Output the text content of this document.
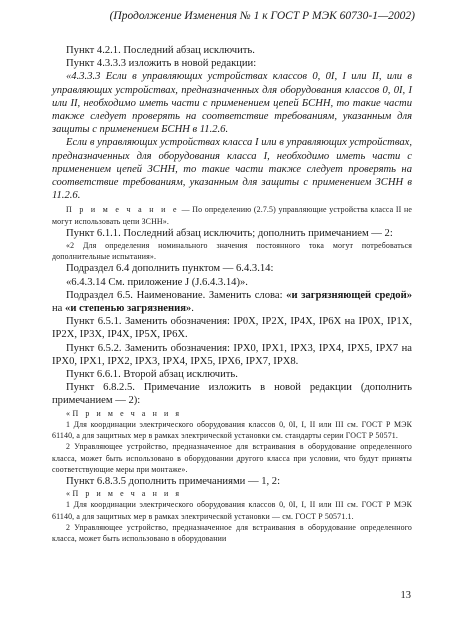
(Продолжение Изменения № 1 к ГОСТ Р МЭК 60730-1—2002)

Пункт 4.2.1. Последний абзац исключить.

Пункт 4.3.3.3 изложить в новой редакции:

«4.3.3.3 Если в управляющих устройствах классов 0, 0I, I или II, или в управляющих устройствах, предназначенных для оборудования классов 0, 0I, I или II, необходимо иметь части с применением цепей БСНН, то такие части также следует проверять на соответствие требованиям, указанным для защиты с применением БСНН в 11.2.6.

Если в управляющих устройствах класса I или в управляющих устройствах, предназначенных для оборудования класса I, необходимо иметь части с применением цепей ЗСНН, то такие части также следует проверять на соответствие требованиям, указанным для защиты с применением ЗСНН в 11.2.6.

П р и м е ч а н и е — По определению (2.7.5) управляющие устройства класса II не могут использовать цепи ЗСНН».

Пункт 6.1.1. Последний абзац исключить; дополнить примечанием — 2:

«2 Для определения номинального значения постоянного тока могут потребоваться дополнительные испытания».

Подраздел 6.4 дополнить пунктом — 6.4.3.14:

«6.4.3.14 См. приложение J (J.6.4.3.14)».

Подраздел 6.5. Наименование. Заменить слова: «и загрязняющей средой» на «и степенью загрязнения».

Пункт 6.5.1. Заменить обозначения: IP0X, IP2X, IP4X, IP6X на IP0X, IP1X, IP2X, IP3X, IP4X, IP5X, IP6X.

Пункт 6.5.2. Заменить обозначения: IPX0, IPX1, IPX3, IPX4, IPX5, IPX7 на IPX0, IPX1, IPX2, IPX3, IPX4, IPX5, IPX6, IPX7, IPX8.

Пункт 6.6.1. Второй абзац исключить.

Пункт 6.8.2.5. Примечание изложить в новой редакции (дополнить примечанием — 2):

«П р и м е ч а н и я

1 Для координации электрического оборудования классов 0, 0I, I, II или III см. ГОСТ Р МЭК 61140, а для защитных мер в рамках электрической установки см. стандарты серии ГОСТ Р 50571.

2 Управляющее устройство, предназначенное для встраивания в оборудование определенного класса, может быть использовано в оборудовании другого класса при условии, что будут приняты соответствующие меры при монтаже».

Пункт 6.8.3.5 дополнить примечаниями — 1, 2:

«П р и м е ч а н и я

1 Для координации электрического оборудования классов 0, 0I, I, II или III см. ГОСТ Р МЭК 61140, а для защитных мер в рамках электрической установки — см. ГОСТ Р 50571.1.

2 Управляющее устройство, предназначенное для встраивания в оборудование определенного класса, может быть использовано в оборудовании

13
